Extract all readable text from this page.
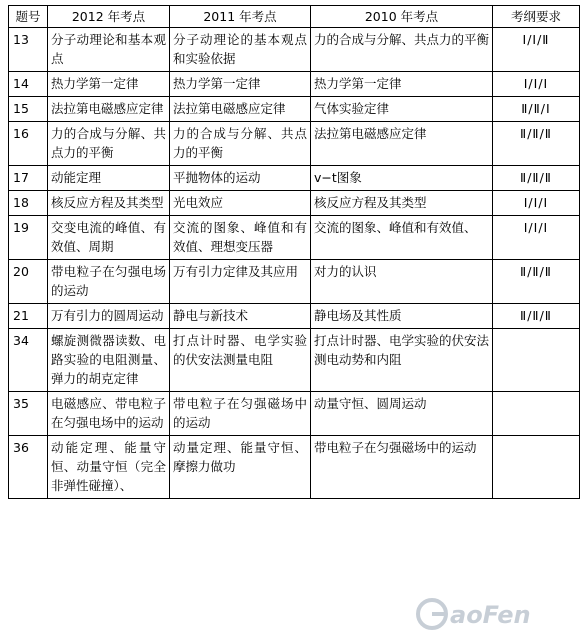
题号	2012 年考点	2011 年考点	2010 年考点	考纲要求
13	分子动理论和基本观点	分子动理论的基本观点和实验依据	力的合成与分解、共点力的平衡	Ⅰ/Ⅰ/Ⅱ
14	热力学第一定律	热力学第一定律	热力学第一定律	Ⅰ/Ⅰ/Ⅰ
15	法拉第电磁感应定律	法拉第电磁感应定律	气体实验定律	Ⅱ/Ⅱ/Ⅰ
16	力的合成与分解、共点力的平衡	力的合成与分解、共点力的平衡	法拉第电磁感应定律	Ⅱ/Ⅱ/Ⅱ
17	动能定理	平抛物体的运动	v−t图象	Ⅱ/Ⅱ/Ⅱ
18	核反应方程及其类型	光电效应	核反应方程及其类型	Ⅰ/Ⅰ/Ⅰ
19	交变电流的峰值、有效值、周期	交流的图象、峰值和有效值、理想变压器	交流的图象、峰值和有效值、	Ⅰ/Ⅰ/Ⅰ
20	带电粒子在匀强电场的运动	万有引力定律及其应用	对力的认识	Ⅱ/Ⅱ/Ⅱ
21	万有引力的圆周运动	静电与新技术	静电场及其性质	Ⅱ/Ⅱ/Ⅱ
34	螺旋测微器读数、电路实验的电阻测量、弹力的胡克定律	打点计时器、电学实验的伏安法测量电阻	打点计时器、电学实验的伏安法测电动势和内阻	
35	电磁感应、带电粒子在匀强电场中的运动	带电粒子在匀强磁场中的运动	动量守恒、圆周运动	
36	动能定理、能量守恒、动量守恒（完全非弹性碰撞）、	动量定理、能量守恒、摩擦力做功	带电粒子在匀强磁场中的运动	
aoFen
